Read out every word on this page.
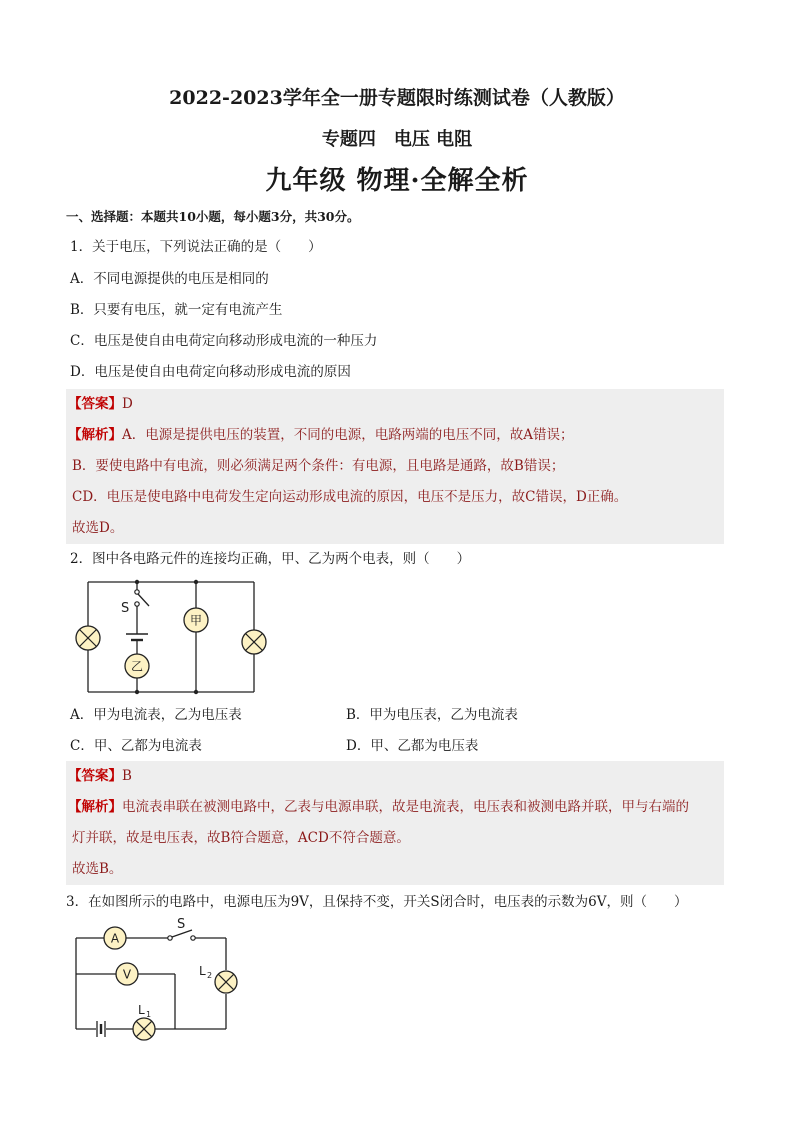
2022-2023学年全一册专题限时练测试卷（人教版）
专题四　电压 电阻
九年级 物理·全解全析
一、选择题：本题共10小题，每小题3分，共30分。
1．关于电压，下列说法正确的是（　　）
A．不同电源提供的电压是相同的
B．只要有电压，就一定有电流产生
C．电压是使自由电荷定向移动形成电流的一种压力
D．电压是使自由电荷定向移动形成电流的原因
【答案】D
【解析】A．电源是提供电压的装置，不同的电源，电路两端的电压不同，故A错误；
B．要使电路中有电流，则必须满足两个条件：有电源，且电路是通路，故B错误；
CD．电压是使电路中电荷发生定向运动形成电流的原因，电压不是压力，故C错误，D正确。
故选D。
2．图中各电路元件的连接均正确，甲、乙为两个电表，则（　　）
S
乙
甲
A．甲为电流表，乙为电压表	B．甲为电压表，乙为电流表
C．甲、乙都为电流表	D．甲、乙都为电压表
【答案】B
【解析】电流表串联在被测电路中，乙表与电源串联，故是电流表，电压表和被测电路并联，甲与右端的
灯并联，故是电压表，故B符合题意，ACD不符合题意。
故选B。
3．在如图所示的电路中，电源电压为9V，且保持不变，开关S闭合时，电压表的示数为6V，则（　　）
A
S
V
L 1
L 2
